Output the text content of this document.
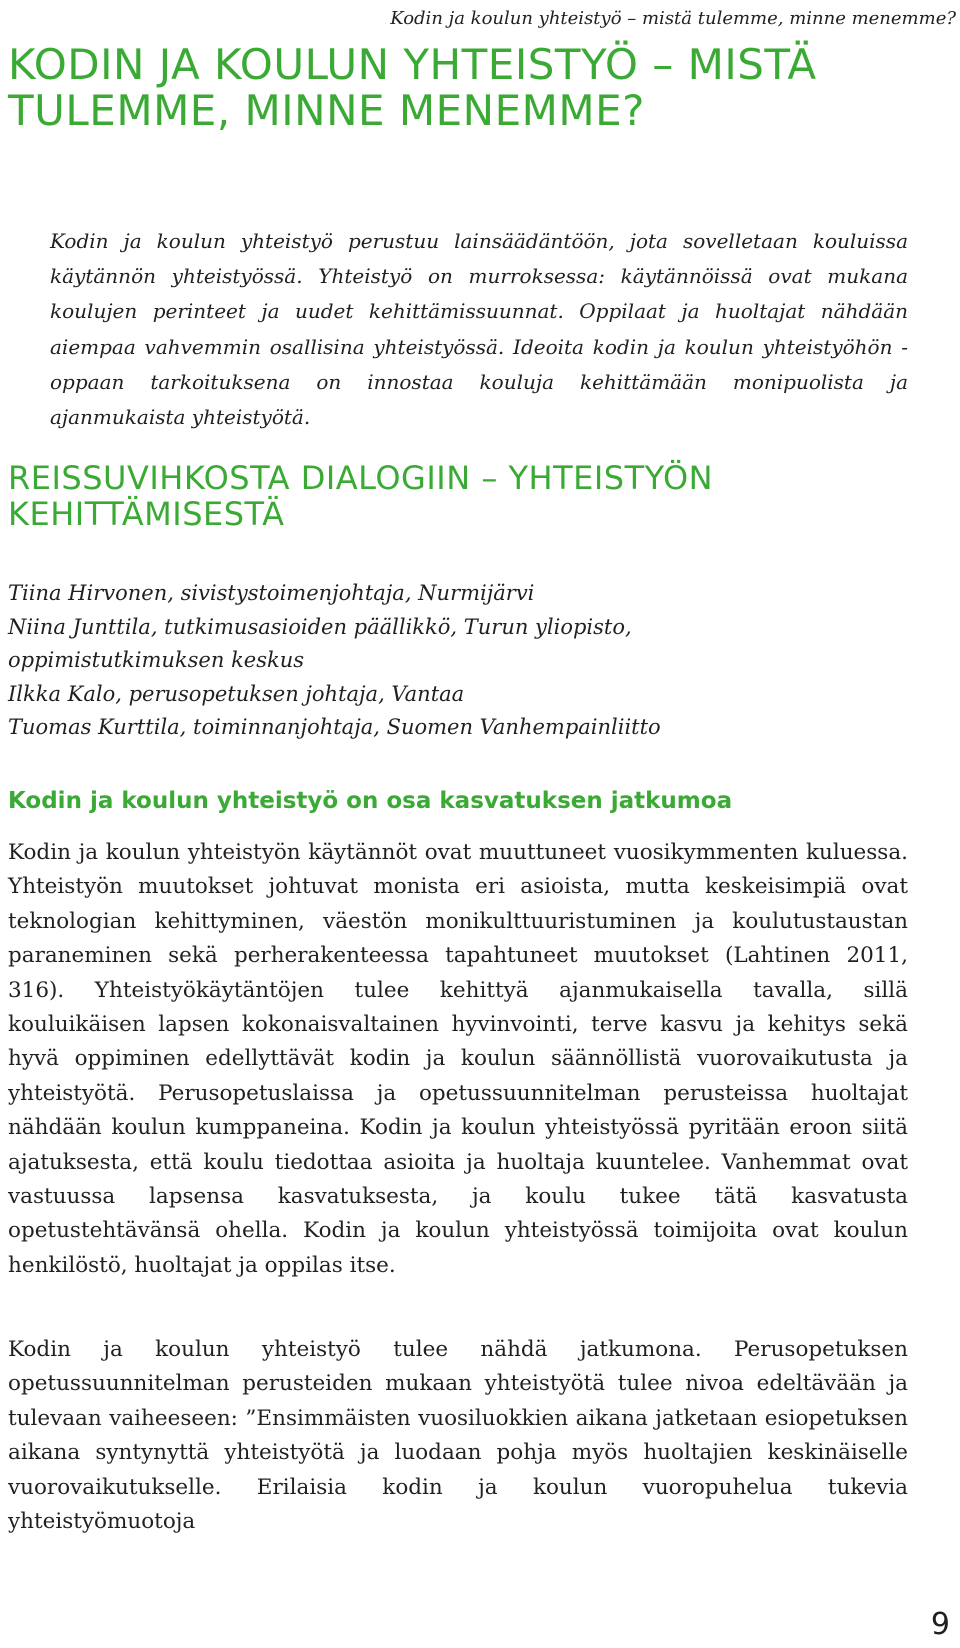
Kodin ja koulun yhteistyö – mistä tulemme, minne menemme?
KODIN JA KOULUN YHTEISTYÖ – MISTÄ TULEMME, MINNE MENEMME?

Kodin ja koulun yhteistyö perustuu lainsäädäntöön, jota sovelletaan kouluissa käytännön yhteistyössä. Yhteistyö on murroksessa: käytännöissä ovat mukana koulujen perinteet ja uudet kehittämissuunnat. Oppilaat ja huoltajat nähdään aiempaa vahvemmin osallisina yhteistyössä. Ideoita kodin ja koulun yhteistyöhön -oppaan tarkoituksena on innostaa kouluja kehittämään monipuolista ja ajanmukaista yhteistyötä.

REISSUVIHKOSTA DIALOGIIN – YHTEISTYÖN KEHITTÄMISESTÄ
Tiina Hirvonen, sivistystoimenjohtaja, Nurmijärvi
Niina Junttila, tutkimusasioiden päällikkö, Turun yliopisto,
oppimistutkimuksen keskus
Ilkka Kalo, perusopetuksen johtaja, Vantaa
Tuomas Kurttila, toiminnanjohtaja, Suomen Vanhempainliitto
Kodin ja koulun yhteistyö on osa kasvatuksen jatkumoa

Kodin ja koulun yhteistyön käytännöt ovat muuttuneet vuosikymmenten kuluessa. Yhteistyön muutokset johtuvat monista eri asioista, mutta keskeisimpiä ovat teknologian kehittyminen, väestön monikulttuuristuminen ja koulutustaustan paraneminen sekä perherakenteessa tapahtuneet muutokset (Lahtinen 2011, 316). Yhteistyökäytäntöjen tulee kehittyä ajanmukaisella tavalla, sillä kouluikäisen lapsen kokonaisvaltainen hyvinvointi, terve kasvu ja kehitys sekä hyvä oppiminen edellyttävät kodin ja koulun säännöllistä vuorovaikutusta ja yhteistyötä. Perusopetuslaissa ja opetussuunnitelman perusteissa huoltajat nähdään koulun kumppaneina. Kodin ja koulun yhteistyössä pyritään eroon siitä ajatuksesta, että koulu tiedottaa asioita ja huoltaja kuuntelee. Vanhemmat ovat vastuussa lapsensa kasvatuksesta, ja koulu tukee tätä kasvatusta opetustehtävänsä ohella. Kodin ja koulun yhteistyössä toimijoita ovat koulun henkilöstö, huoltajat ja oppilas itse.

Kodin ja koulun yhteistyö tulee nähdä jatkumona. Perusopetuksen opetussuunnitelman perusteiden mukaan yhteistyötä tulee nivoa edeltävään ja tulevaan vaiheeseen: ”Ensimmäisten vuosiluokkien aikana jatketaan esiopetuksen aikana syntynyttä yhteistyötä ja luodaan pohja myös huoltajien keskinäiselle vuorovaikutukselle. Erilaisia kodin ja koulun vuoropuhelua tukevia yhteistyömuotoja

9
